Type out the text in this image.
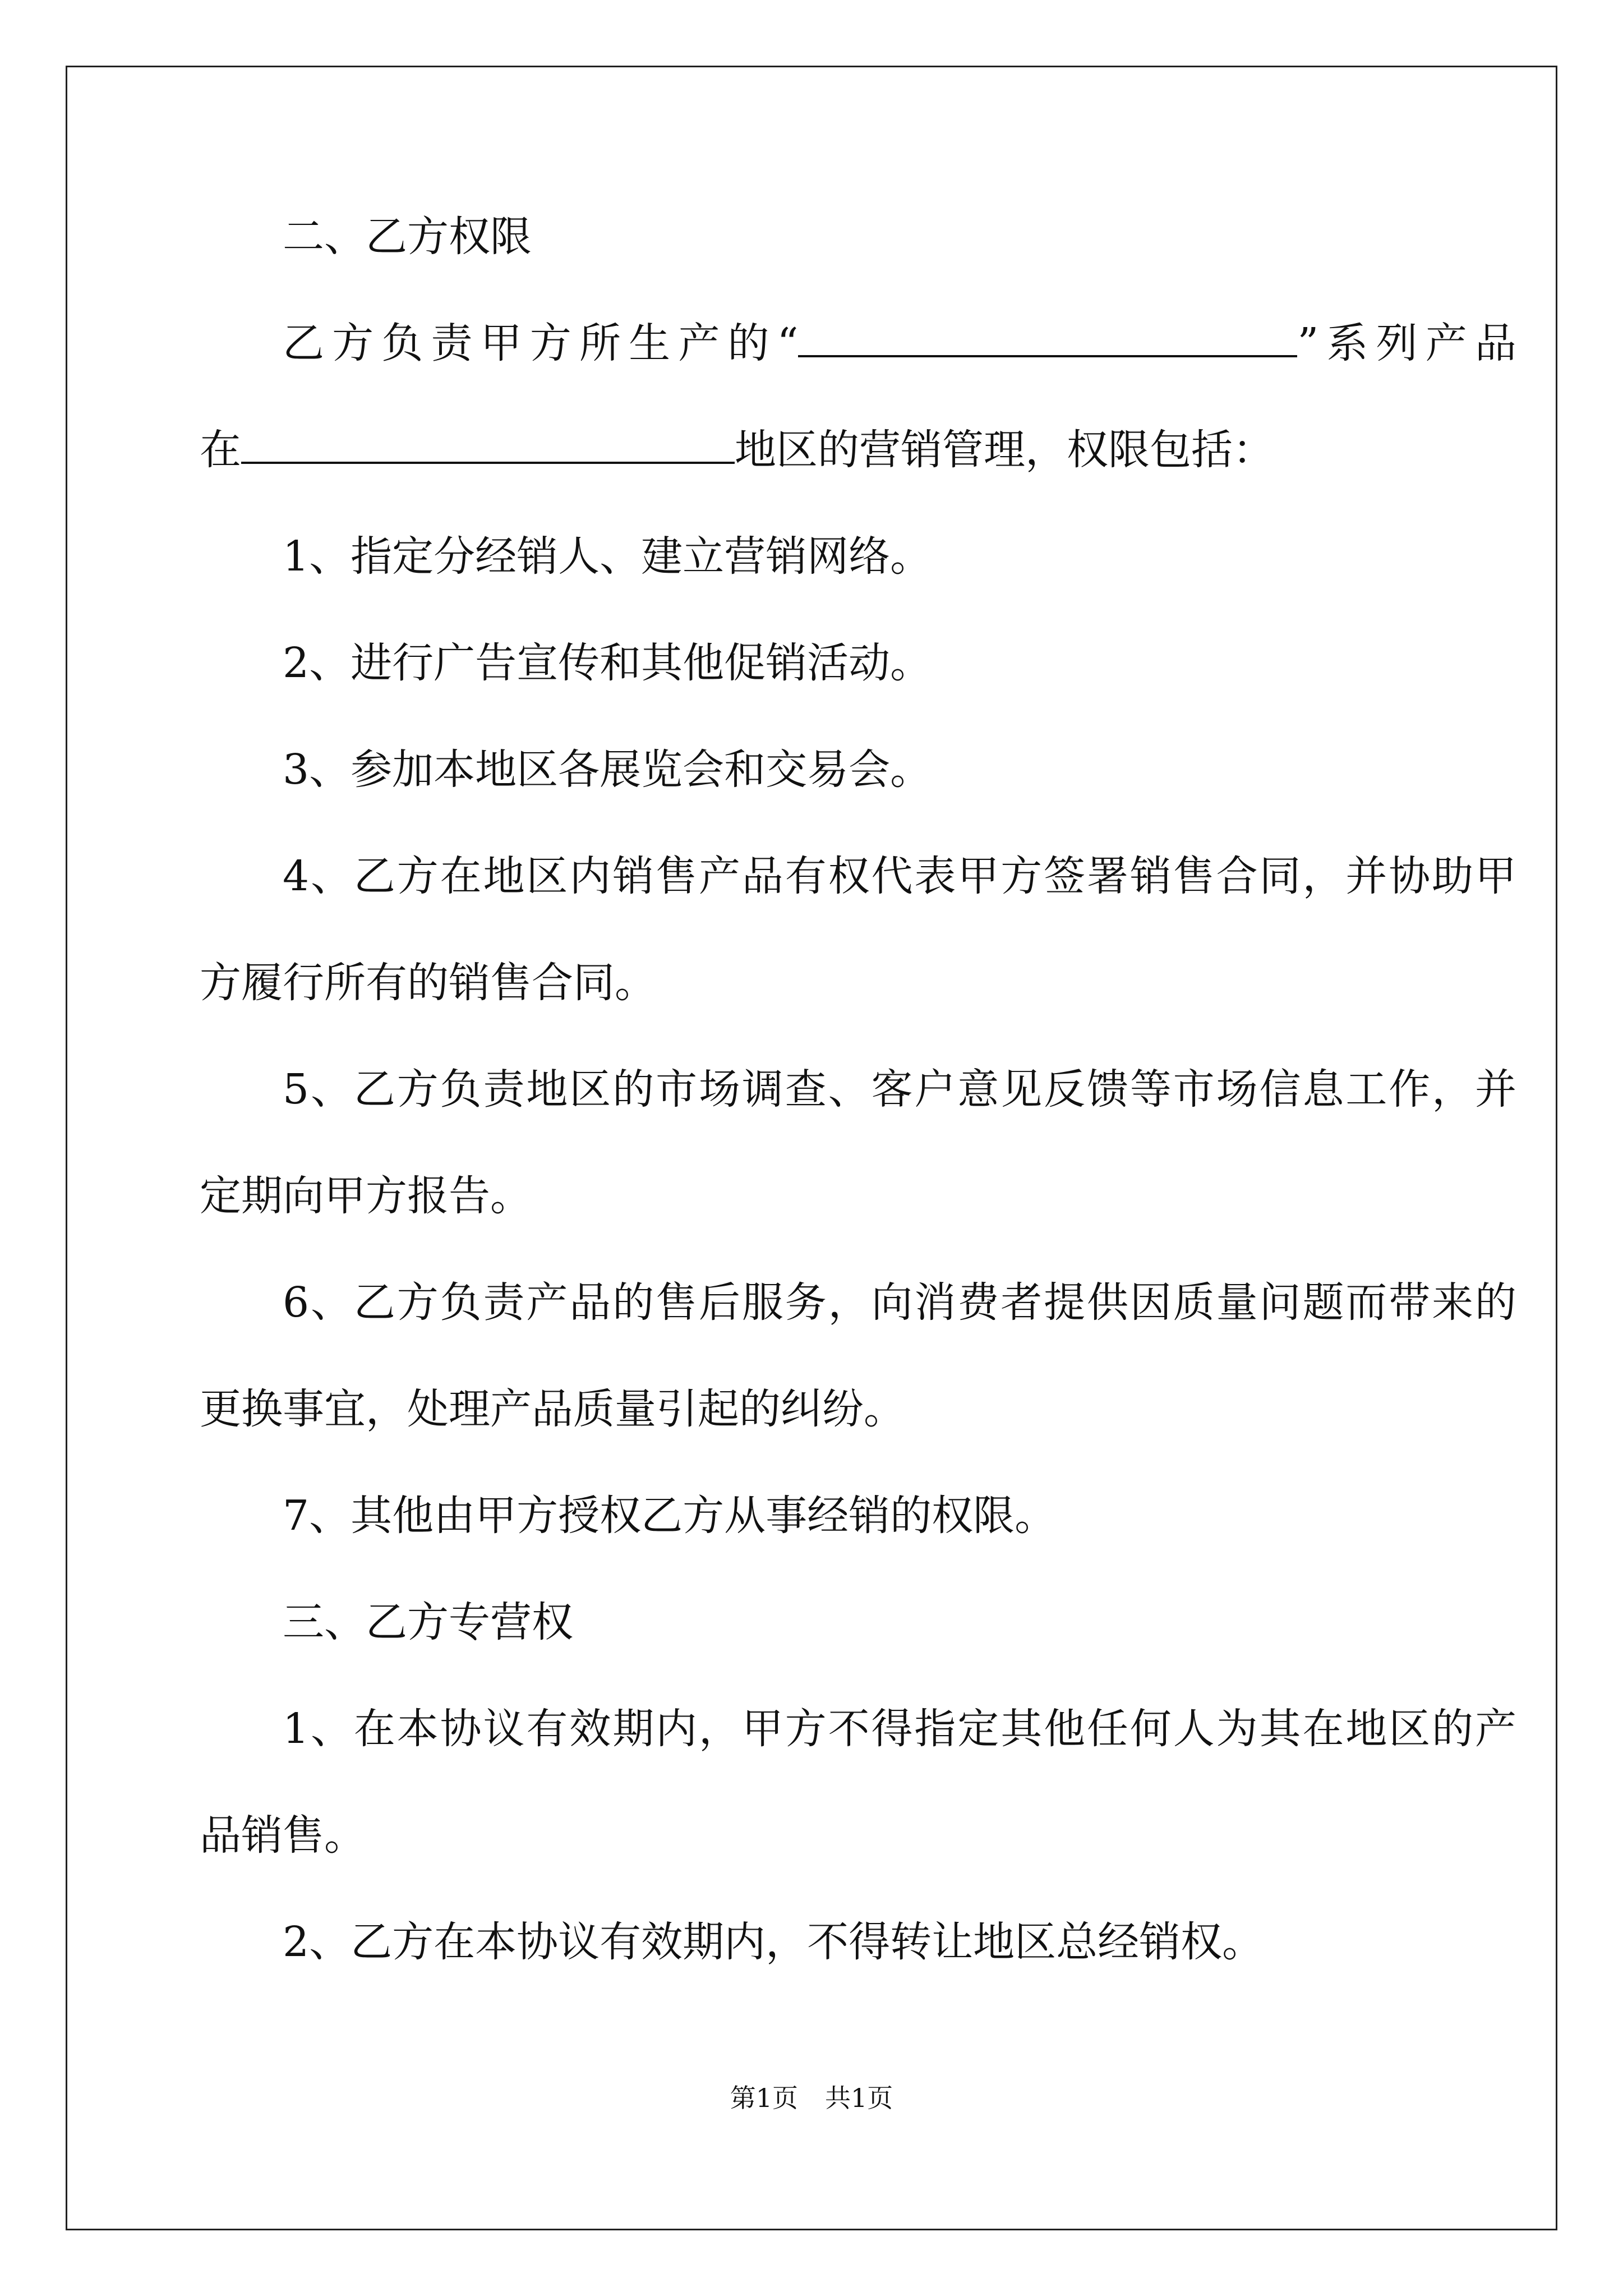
二、乙方权限
乙方负责甲方所生产的“	”系列产品
在	地区的营销管理，权限包括：
1、指定分经销人、建立营销网络。
2、进行广告宣传和其他促销活动。
3、参加本地区各展览会和交易会。
4、乙方在地区内销售产品有权代表甲方签署销售合同，并协助甲
方履行所有的销售合同。
5、乙方负责地区的市场调查、客户意见反馈等市场信息工作，并
定期向甲方报告。
6、乙方负责产品的售后服务，向消费者提供因质量问题而带来的
更换事宜，处理产品质量引起的纠纷。
7、其他由甲方授权乙方从事经销的权限。
三、乙方专营权
1、在本协议有效期内，甲方不得指定其他任何人为其在地区的产
品销售。
2、乙方在本协议有效期内，不得转让地区总经销权。
第1页 共1页
